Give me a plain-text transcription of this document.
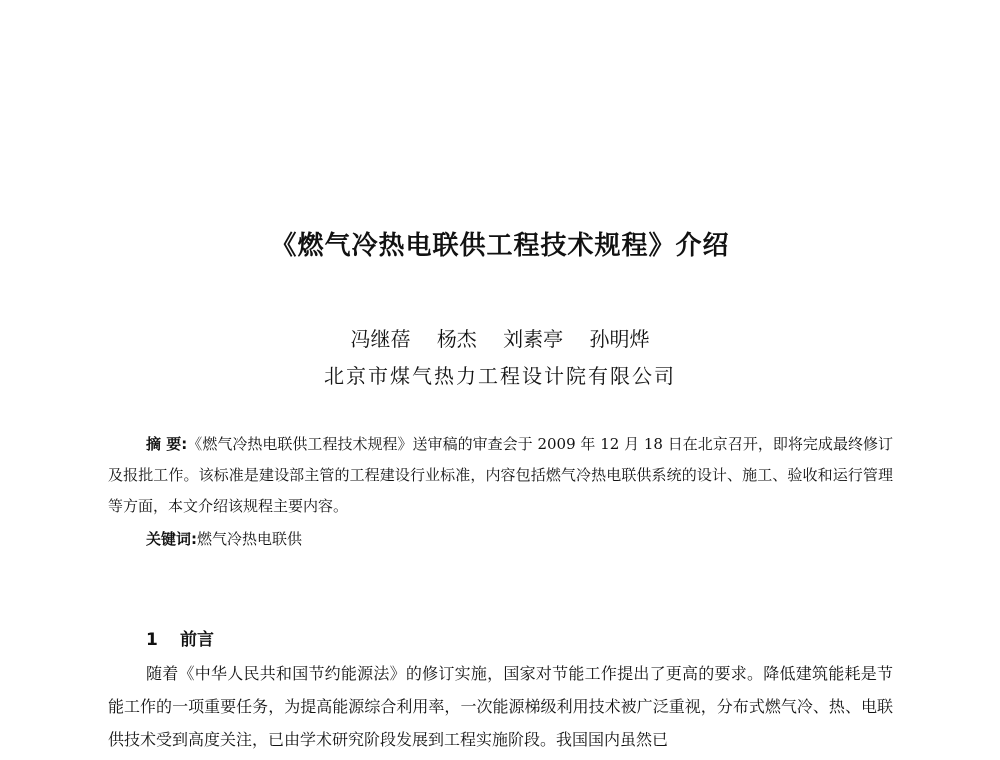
《燃气冷热电联供工程技术规程》介绍

冯继蓓 杨杰 刘素亭 孙明烨

北京市煤气热力工程设计院有限公司

摘 要:《燃气冷热电联供工程技术规程》送审稿的审查会于 2009 年 12 月 18 日在北京召开，即将完成最终修订及报批工作。该标准是建设部主管的工程建设行业标准，内容包括燃气冷热电联供系统的设计、施工、验收和运行管理等方面，本文介绍该规程主要内容。

关键词:燃气冷热电联供

1 前言

随着《中华人民共和国节约能源法》的修订实施，国家对节能工作提出了更高的要求。降低建筑能耗是节能工作的一项重要任务，为提高能源综合利用率，一次能源梯级利用技术被广泛重视，分布式燃气冷、热、电联供技术受到高度关注，已由学术研究阶段发展到工程实施阶段。我国国内虽然已
